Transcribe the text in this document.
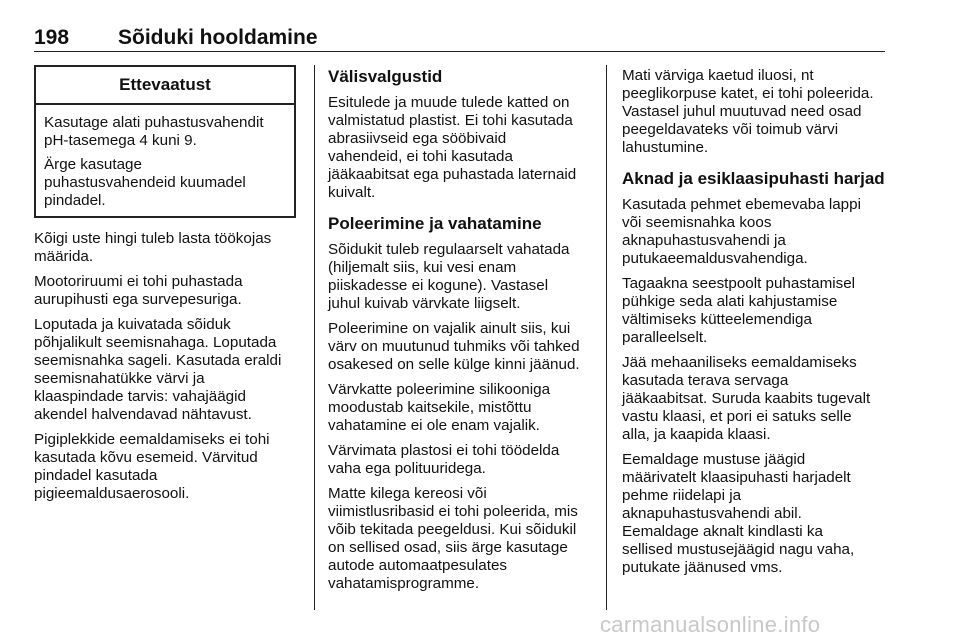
198 Sõiduki hooldamine
Ettevaatust

Kasutage alati puhastusvahendit
pH-tasemega 4 kuni 9.

Ärge kasutage
puhastusvahendeid kuumadel
pindadel.

Kõigi uste hingi tuleb lasta töökojas
määrida.

Mootoriruumi ei tohi puhastada
aurupihusti ega survepesuriga.

Loputada ja kuivatada sõiduk
põhjalikult seemisnahaga. Loputada
seemisnahka sageli. Kasutada eraldi
seemisnahatükke värvi ja
klaaspindade tarvis: vahajäägid
akendel halvendavad nähtavust.

Pigiplekkide eemaldamiseks ei tohi
kasutada kõvu esemeid. Värvitud
pindadel kasutada
pigieemaldusaerosooli.

Välisvalgustid

Esitulede ja muude tulede katted on
valmistatud plastist. Ei tohi kasutada
abrasiivseid ega sööbivaid
vahendeid, ei tohi kasutada
jääkaabitsat ega puhastada laternaid
kuivalt.

Poleerimine ja vahatamine

Sõidukit tuleb regulaarselt vahatada
(hiljemalt siis, kui vesi enam
piiskadesse ei kogune). Vastasel
juhul kuivab värvkate liigselt.

Poleerimine on vajalik ainult siis, kui
värv on muutunud tuhmiks või tahked
osakesed on selle külge kinni jäänud.

Värvkatte poleerimine silikooniga
moodustab kaitsekile, mistõttu
vahatamine ei ole enam vajalik.

Värvimata plastosi ei tohi töödelda
vaha ega polituuridega.

Matte kilega kereosi või
viimistlusribasid ei tohi poleerida, mis
võib tekitada peegeldusi. Kui sõidukil
on sellised osad, siis ärge kasutage
autode automaatpesulates
vahatamisprogramme.

Mati värviga kaetud iluosi, nt
peeglikorpuse katet, ei tohi poleerida.
Vastasel juhul muutuvad need osad
peegeldavateks või toimub värvi
lahustumine.

Aknad ja esiklaasipuhasti harjad

Kasutada pehmet ebemevaba lappi
või seemisnahka koos
aknapuhastusvahendi ja
putukaeemaldusvahendiga.

Tagaakna seestpoolt puhastamisel
pühkige seda alati kahjustamise
vältimiseks kütteelemendiga
paralleelselt.

Jää mehaaniliseks eemaldamiseks
kasutada terava servaga
jääkaabitsat. Suruda kaabits tugevalt
vastu klaasi, et pori ei satuks selle
alla, ja kaapida klaasi.

Eemaldage mustuse jäägid
määrivatelt klaasipuhasti harjadelt
pehme riidelapi ja
aknapuhastusvahendi abil.
Eemaldage aknalt kindlasti ka
sellised mustusejäägid nagu vaha,
putukate jäänused vms.

carmanualsonline.info
